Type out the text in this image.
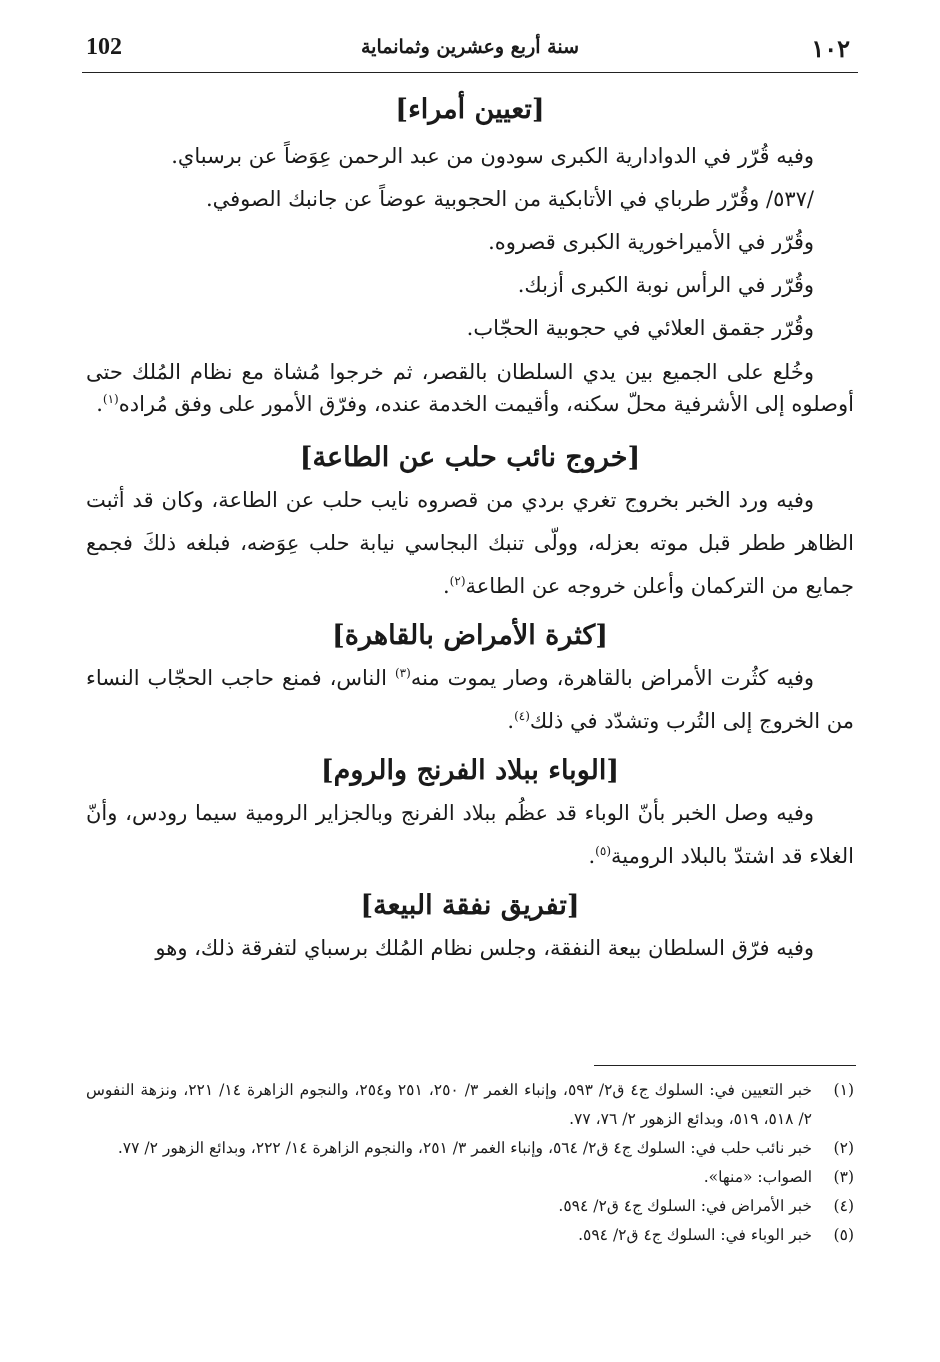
102	سنة أربع وعشرين وثمانماية	١٠٢
[تعيين أمراء]

وفيه قُرّر في الدوادارية الكبرى سودون من عبد الرحمن عِوَضاً عن برسباي.

/٥٣٧/ وقُرّر طرباي في الأتابكية من الحجوبية عوضاً عن جانبك الصوفي.

وقُرّر في الأميراخورية الكبرى قصروه.

وقُرّر في الرأس نوبة الكبرى أزبك.

وقُرّر جقمق العلائي في حجوبية الحجّاب.

وخُلع على الجميع بين يدي السلطان بالقصر، ثم خرجوا مُشاة مع نظام المُلك حتى أوصلوه إلى الأشرفية محلّ سكنه، وأقيمت الخدمة عنده، وفرّق الأمور على وفق مُراده$^{(١)}$.

[خروج نائب حلب عن الطاعة]

وفيه ورد الخبر بخروج تغري بردي من قصروه نايب حلب عن الطاعة، وكان قد أثبت الظاهر ططر قبل موته بعزله، وولّى تنبك البجاسي نيابة حلب عِوَضه، فبلغه ذلكَ فجمع جمايع من التركمان وأعلن خروجه عن الطاعة$^{(٢)}$.

[كثرة الأمراض بالقاهرة]

وفيه كثُرت الأمراض بالقاهرة، وصار يموت منه$^{(٣)}$ الناس، فمنع حاجب الحجّاب النساء من الخروج إلى التُرب وتشدّد في ذلك$^{(٤)}$.

[الوباء ببلاد الفرنج والروم]

وفيه وصل الخبر بأنّ الوباء قد عظُم ببلاد الفرنج وبالجزاير الرومية سيما رودس، وأنّ الغلاء قد اشتدّ بالبلاد الرومية$^{(٥)}$.

[تفريق نفقة البيعة]

وفيه فرّق السلطان بيعة النفقة، وجلس نظام المُلك برسباي لتفرقة ذلك، وهو

(١)
خبر التعيين في: السلوك ج٤ ق٢/ ٥٩٣، وإنباء الغمر ٣/ ٢٥٠، ٢٥١ و٢٥٤، والنجوم الزاهرة ١٤/ ٢٢١، ونزهة النفوس ٢/ ٥١٨، ٥١٩، وبدائع الزهور ٢/ ٧٦، ٧٧.

(٢)
خبر نائب حلب في: السلوك ج٤ ق٢/ ٥٦٤، وإنباء الغمر ٣/ ٢٥١، والنجوم الزاهرة ١٤/ ٢٢٢، وبدائع الزهور ٢/ ٧٧.

(٣)
الصواب: «منها».

(٤)
خبر الأمراض في: السلوك ج٤ ق٢/ ٥٩٤.

(٥)
خبر الوباء في: السلوك ج٤ ق٢/ ٥٩٤.
